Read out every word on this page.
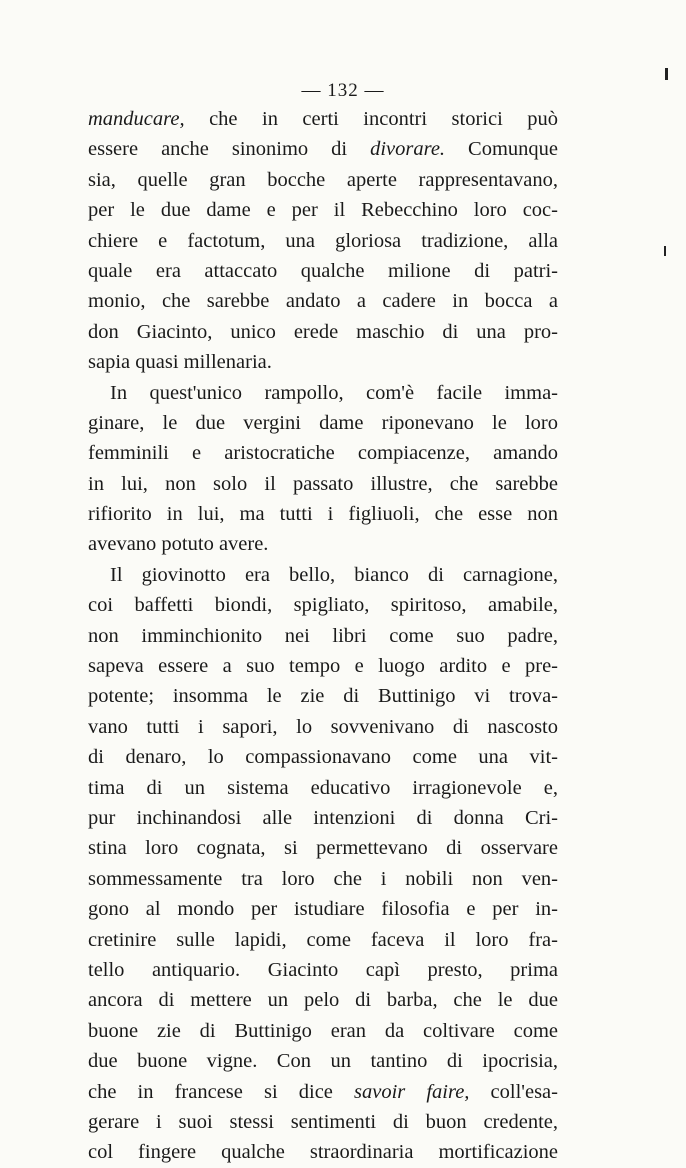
— 132 —
manducare, che in certi incontri storici può
essere anche sinonimo di divorare. Comunque
sia, quelle gran bocche aperte rappresentavano,
per le due dame e per il Rebecchino loro coc-
chiere e factotum, una gloriosa tradizione, alla
quale era attaccato qualche milione di patri-
monio, che sarebbe andato a cadere in bocca a
don Giacinto, unico erede maschio di una pro-
sapia quasi millenaria.
In quest'unico rampollo, com'è facile imma-
ginare, le due vergini dame riponevano le loro
femminili e aristocratiche compiacenze, amando
in lui, non solo il passato illustre, che sarebbe
rifiorito in lui, ma tutti i figliuoli, che esse non
avevano potuto avere.
Il giovinotto era bello, bianco di carnagione,
coi baffetti biondi, spigliato, spiritoso, amabile,
non imminchionito nei libri come suo padre,
sapeva essere a suo tempo e luogo ardito e pre-
potente; insomma le zie di Buttinigo vi trova-
vano tutti i sapori, lo sovvenivano di nascosto
di denaro, lo compassionavano come una vit-
tima di un sistema educativo irragionevole e,
pur inchinandosi alle intenzioni di donna Cri-
stina loro cognata, si permettevano di osservare
sommessamente tra loro che i nobili non ven-
gono al mondo per istudiare filosofia e per in-
cretinire sulle lapidi, come faceva il loro fra-
tello antiquario. Giacinto capì presto, prima
ancora di mettere un pelo di barba, che le due
buone zie di Buttinigo eran da coltivare come
due buone vigne. Con un tantino di ipocrisia,
che in francese si dice savoir faire, coll'esa-
gerare i suoi stessi sentimenti di buon credente,
col fingere qualche straordinaria mortificazione
